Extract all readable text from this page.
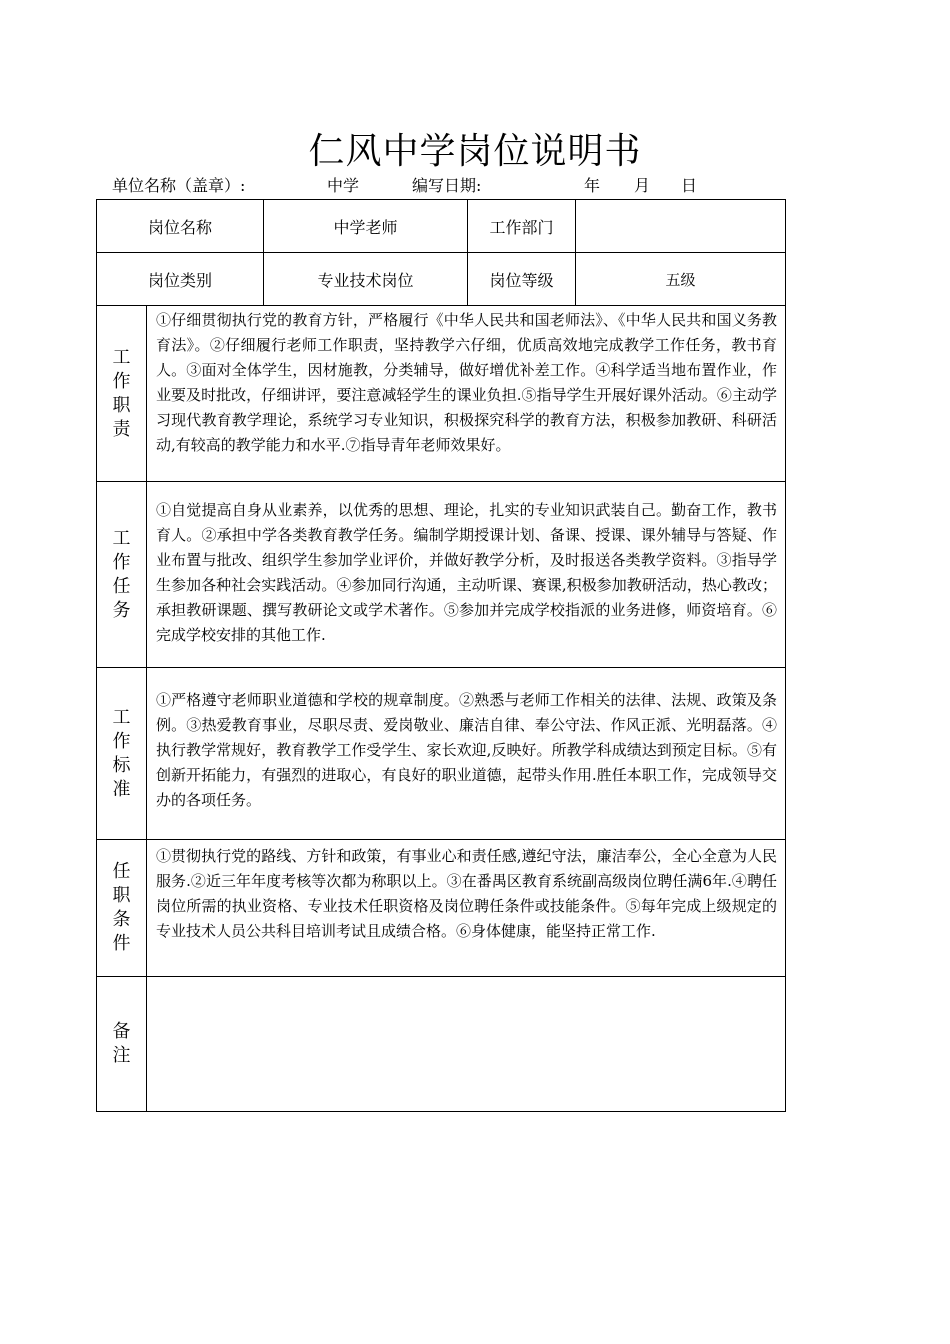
仁风中学岗位说明书
单位名称（盖章）:	中学	编写日期:	年 月 日
岗位名称		中学老师	工作部门	
岗位类别		专业技术岗位	岗位等级	五级
工作职责	①仔细贯彻执行党的教育方针，严格履行《中华人民共和国老师法》、《中华人民共和国义务教育法》。②仔细履行老师工作职责，坚持教学六仔细，优质高效地完成教学工作任务，教书育人。③面对全体学生，因材施教，分类辅导，做好增优补差工作。④科学适当地布置作业，作业要及时批改，仔细讲评，要注意减轻学生的课业负担.⑤指导学生开展好课外活动。⑥主动学习现代教育教学理论，系统学习专业知识，积极探究科学的教育方法，积极参加教研、科研活动,有较高的教学能力和水平.⑦指导青年老师效果好。			
工作任务	①自觉提高自身从业素养，以优秀的思想、理论，扎实的专业知识武装自己。勤奋工作，教书育人。②承担中学各类教育教学任务。编制学期授课计划、备课、授课、课外辅导与答疑、作业布置与批改、组织学生参加学业评价，并做好教学分析，及时报送各类教学资料。③指导学生参加各种社会实践活动。④参加同行沟通，主动听课、赛课,积极参加教研活动，热心教改；承担教研课题、撰写教研论文或学术著作。⑤参加并完成学校指派的业务进修，师资培育。⑥完成学校安排的其他工作.			
工作标准	①严格遵守老师职业道德和学校的规章制度。②熟悉与老师工作相关的法律、法规、政策及条例。③热爱教育事业，尽职尽责、爱岗敬业、廉洁自律、奉公守法、作风正派、光明磊落。④执行教学常规好，教育教学工作受学生、家长欢迎,反映好。所教学科成绩达到预定目标。⑤有创新开拓能力，有强烈的进取心，有良好的职业道德，起带头作用.胜任本职工作，完成领导交办的各项任务。			
任职条件	①贯彻执行党的路线、方针和政策，有事业心和责任感,遵纪守法，廉洁奉公，全心全意为人民服务.②近三年年度考核等次都为称职以上。③在番禺区教育系统副高级岗位聘任满6年.④聘任岗位所需的执业资格、专业技术任职资格及岗位聘任条件或技能条件。⑤每年完成上级规定的专业技术人员公共科目培训考试且成绩合格。⑥身体健康，能坚持正常工作.			
备注				
